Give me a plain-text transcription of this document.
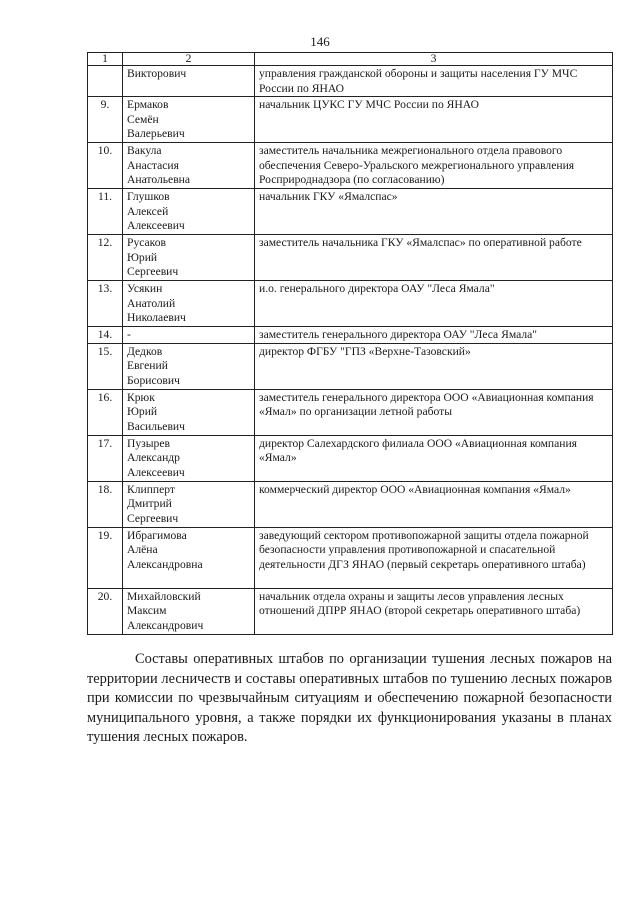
146
1	2	3
	Викторович	управления гражданской обороны и защиты населения ГУ МЧС России по ЯНАО
9.	Ермаков
Семён
Валерьевич	начальник ЦУКС ГУ МЧС России по ЯНАО
10.	Вакула
Анастасия
Анатольевна	заместитель начальника межрегионального отдела правового обеспечения Северо-Уральского межрегионального управления Росприроднадзора (по согласованию)
11.	Глушков
Алексей
Алексеевич	начальник ГКУ «Ямалспас»
12.	Русаков
Юрий
Сергеевич	заместитель начальника ГКУ «Ямалспас» по оперативной работе
13.	Усякин
Анатолий
Николаевич	и.о. генерального директора ОАУ "Леса Ямала"
14.	-	заместитель генерального директора ОАУ "Леса Ямала"
15.	Дедков
Евгений
Борисович	директор ФГБУ "ГПЗ «Верхне-Тазовский»
16.	Крюк
Юрий
Васильевич	заместитель генерального директора ООО «Авиационная компания «Ямал» по организации летной работы
17.	Пузырев
Александр
Алексеевич	директор Салехардского филиала ООО «Авиационная компания «Ямал»
18.	Клипперт
Дмитрий
Сергеевич	коммерческий директор ООО «Авиационная компания «Ямал»
19.	Ибрагимова
Алёна
Александровна	заведующий сектором противопожарной защиты отдела пожарной безопасности управления противопожарной и спасательной деятельности ДГЗ ЯНАО (первый секретарь оперативного штаба)
20.	Михайловский
Максим
Александрович	начальник отдела охраны и защиты лесов управления лесных отношений ДПРР ЯНАО (второй секретарь оперативного штаба)
Составы оперативных штабов по организации тушения лесных пожаров на территории лесничеств и составы оперативных штабов по тушению лесных пожаров при комиссии по чрезвычайным ситуациям и обеспечению пожарной безопасности муниципального уровня, а также порядки их функционирования указаны в планах тушения лесных пожаров.
